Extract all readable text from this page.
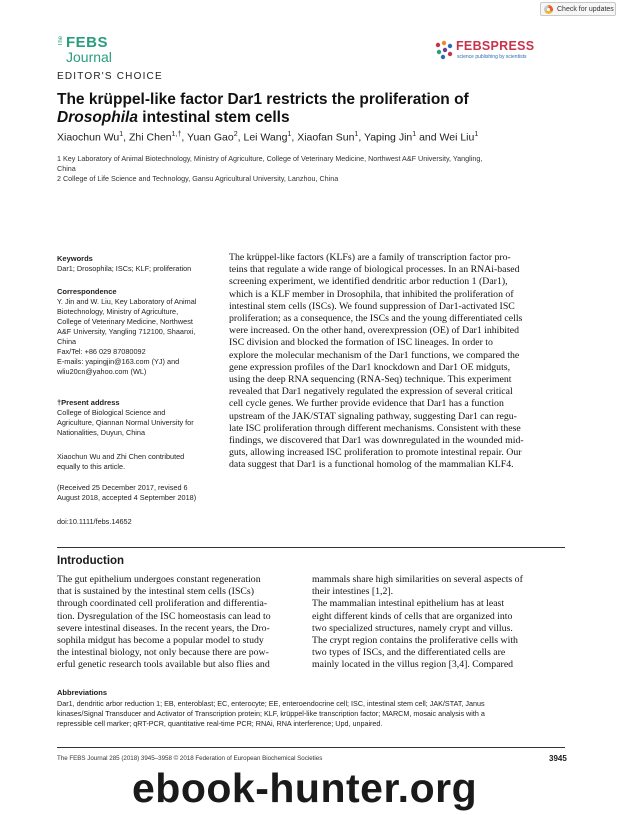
Check for updates
The FEBS
Journal
EDITOR'S CHOICE
FEBSPRESS
science publishing by scientists
The krüppel-like factor Dar1 restricts the proliferation of
Drosophila intestinal stem cells
Xiaochun Wu$^1$, Zhi Chen$^{1,\dagger}$, Yuan Gao$^2$, Lei Wang$^1$, Xiaofan Sun$^1$, Yaping Jin$^1$ and Wei Liu$^1$
1 Key Laboratory of Animal Biotechnology, Ministry of Agriculture, College of Veterinary Medicine, Northwest A&F University, Yangling,
China
2 College of Life Science and Technology, Gansu Agricultural University, Lanzhou, China
Keywords
Dar1; Drosophila; ISCs; KLF; proliferation
Correspondence
Y. Jin and W. Liu, Key Laboratory of Animal
Biotechnology, Ministry of Agriculture,
College of Veterinary Medicine, Northwest
A&F University, Yangling 712100, Shaanxi,
China
Fax/Tel: +86 029 87080092
E-mails: yapingjin@163.com (YJ) and
wliu20cn@yahoo.com (WL)
†Present address
College of Biological Science and
Agriculture, Qiannan Normal University for
Nationalities, Duyun, China
Xiaochun Wu and Zhi Chen contributed
equally to this article.
(Received 25 December 2017, revised 6
August 2018, accepted 4 September 2018)
doi:10.1111/febs.14652
The krüppel-like factors (KLFs) are a family of transcription factor pro-
teins that regulate a wide range of biological processes. In an RNAi-based
screening experiment, we identified dendritic arbor reduction 1 (Dar1),
which is a KLF member in Drosophila, that inhibited the proliferation of
intestinal stem cells (ISCs). We found suppression of Dar1-activated ISC
proliferation; as a consequence, the ISCs and the young differentiated cells
were increased. On the other hand, overexpression (OE) of Dar1 inhibited
ISC division and blocked the formation of ISC lineages. In order to
explore the molecular mechanism of the Dar1 functions, we compared the
gene expression profiles of the Dar1 knockdown and Dar1 OE midguts,
using the deep RNA sequencing (RNA-Seq) technique. This experiment
revealed that Dar1 negatively regulated the expression of several critical
cell cycle genes. We further provide evidence that Dar1 has a function
upstream of the JAK/STAT signaling pathway, suggesting Dar1 can regu-
late ISC proliferation through different mechanisms. Consistent with these
findings, we discovered that Dar1 was downregulated in the wounded mid-
guts, allowing increased ISC proliferation to promote intestinal repair. Our
data suggest that Dar1 is a functional homolog of the mammalian KLF4.
Introduction
The gut epithelium undergoes constant regeneration
that is sustained by the intestinal stem cells (ISCs)
through coordinated cell proliferation and differentia-
tion. Dysregulation of the ISC homeostasis can lead to
severe intestinal diseases. In the recent years, the Dro-
sophila midgut has become a popular model to study
the intestinal biology, not only because there are pow-
erful genetic research tools available but also flies and
mammals share high similarities on several aspects of
their intestines [1,2].
The mammalian intestinal epithelium has at least
eight different kinds of cells that are organized into
two specialized structures, namely crypt and villus.
The crypt region contains the proliferative cells with
two types of ISCs, and the differentiated cells are
mainly located in the villus region [3,4]. Compared
Abbreviations
Dar1, dendritic arbor reduction 1; EB, enteroblast; EC, enterocyte; EE, enteroendocrine cell; ISC, intestinal stem cell; JAK/STAT, Janus
kinases/Signal Transducer and Activator of Transcription protein; KLF, krüppel-like transcription factor; MARCM, mosaic analysis with a
repressible cell marker; qRT-PCR, quantitative real-time PCR; RNAi, RNA interference; Upd, unpaired.
The FEBS Journal 285 (2018) 3945–3958 © 2018 Federation of European Biochemical Societies	3945
ebook-hunter.org
